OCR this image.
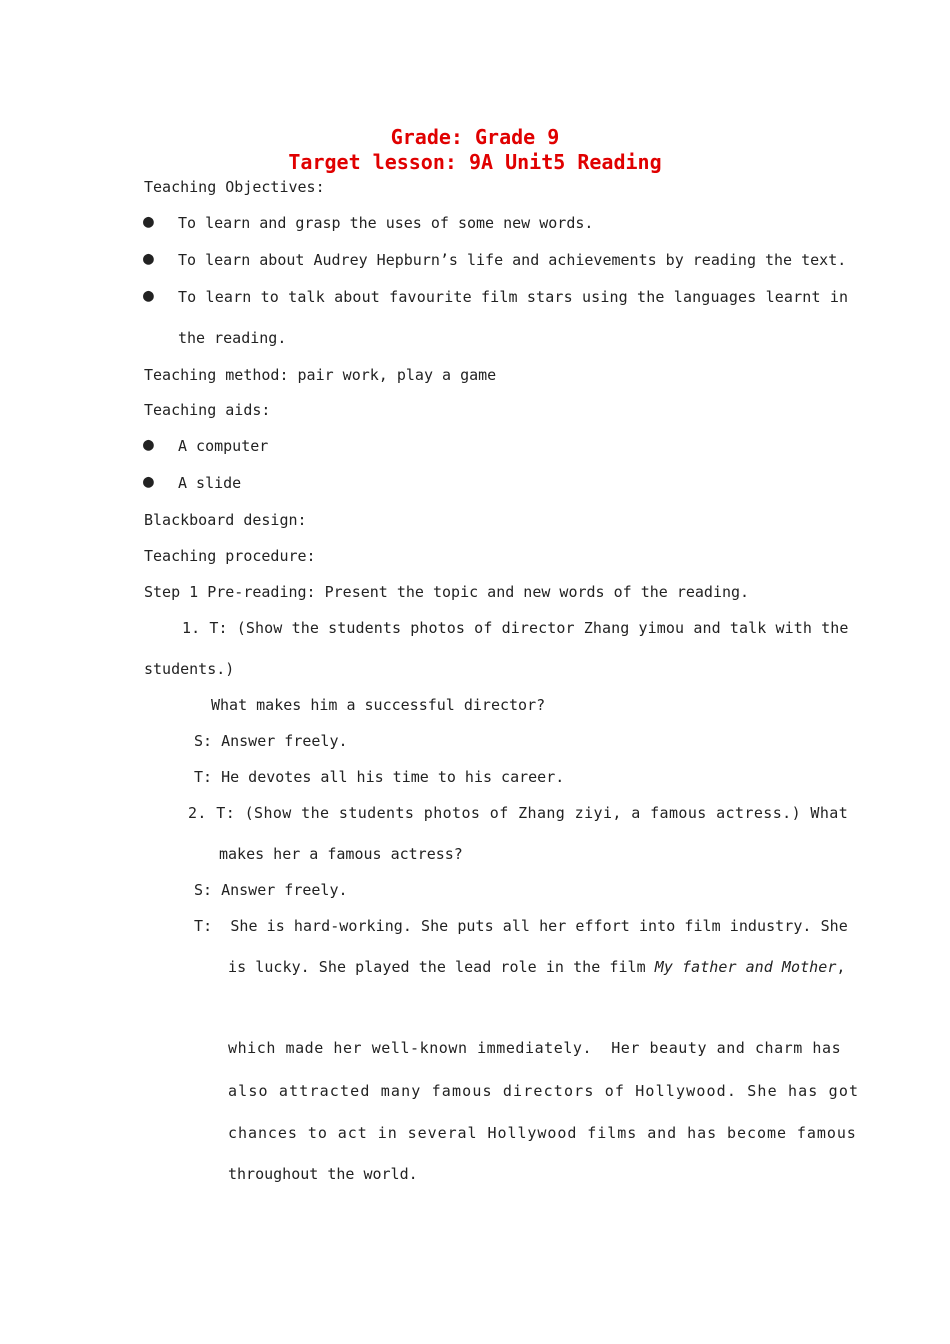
Grade: Grade 9
Target lesson: 9A Unit5 Reading
Teaching Objectives:
● To learn and grasp the uses of some new words.
● To learn about Audrey Hepburn’s life and achievements by reading the text.
● To learn to talk about favourite film stars using the languages learnt in
the reading.
Teaching method: pair work, play a game
Teaching aids:
● A computer
● A slide
Blackboard design:
Teaching procedure:
Step 1 Pre-reading: Present the topic and new words of the reading.
1. T: (Show the students photos of director Zhang yimou and talk with the
students.)
What makes him a successful director?
S: Answer freely.
T: He devotes all his time to his career.
2. T: (Show the students photos of Zhang ziyi, a famous actress.) What
makes her a famous actress?
S: Answer freely.
T:  She is hard-working. She puts all her effort into film industry. She
is lucky. She played the lead role in the film My father and Mother,
which made her well-known immediately.  Her beauty and charm has
also attracted many famous directors of Hollywood. She has got
chances to act in several Hollywood films and has become famous
throughout the world.
